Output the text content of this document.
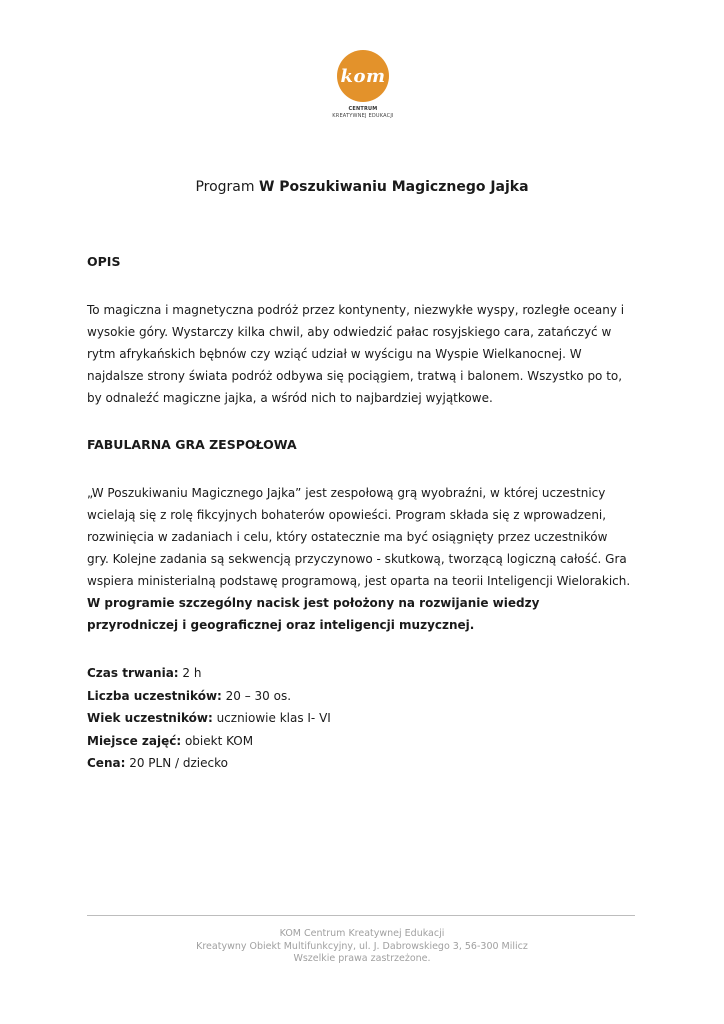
kom
CENTRUM
KREATYWNEJ EDUKACJI
Program W Poszukiwaniu Magicznego Jajka
OPIS
To magiczna i magnetyczna podróż przez kontynenty, niezwykłe wyspy, rozległe oceany i wysokie góry. Wystarczy kilka chwil, aby odwiedzić pałac rosyjskiego cara, zatańczyć w rytm afrykańskich bębnów czy wziąć udział w wyścigu na Wyspie Wielkanocnej. W najdalsze strony świata podróż odbywa się pociągiem, tratwą i balonem. Wszystko po to, by odnaleźć magiczne jajka, a wśród nich to najbardziej wyjątkowe.
FABULARNA GRA ZESPOŁOWA
„W Poszukiwaniu Magicznego Jajka” jest zespołową grą wyobraźni, w której uczestnicy wcielają się z rolę fikcyjnych bohaterów opowieści. Program składa się z wprowadzeni, rozwinięcia w zadaniach i celu, który ostatecznie ma być osiągnięty przez uczestników gry. Kolejne zadania są sekwencją przyczynowo - skutkową, tworzącą logiczną całość. Gra wspiera ministerialną podstawę programową, jest oparta na teorii Inteligencji Wielorakich. W programie szczególny nacisk jest położony na rozwijanie wiedzy przyrodniczej i geograficznej oraz inteligencji muzycznej.
Czas trwania: 2 h
Liczba uczestników: 20 – 30 os.
Wiek uczestników: uczniowie klas I- VI
Miejsce zajęć: obiekt KOM
Cena: 20 PLN / dziecko
KOM Centrum Kreatywnej Edukacji
Kreatywny Obiekt Multifunkcyjny, ul. J. Dabrowskiego 3, 56-300 Milicz
Wszelkie prawa zastrzeżone.
